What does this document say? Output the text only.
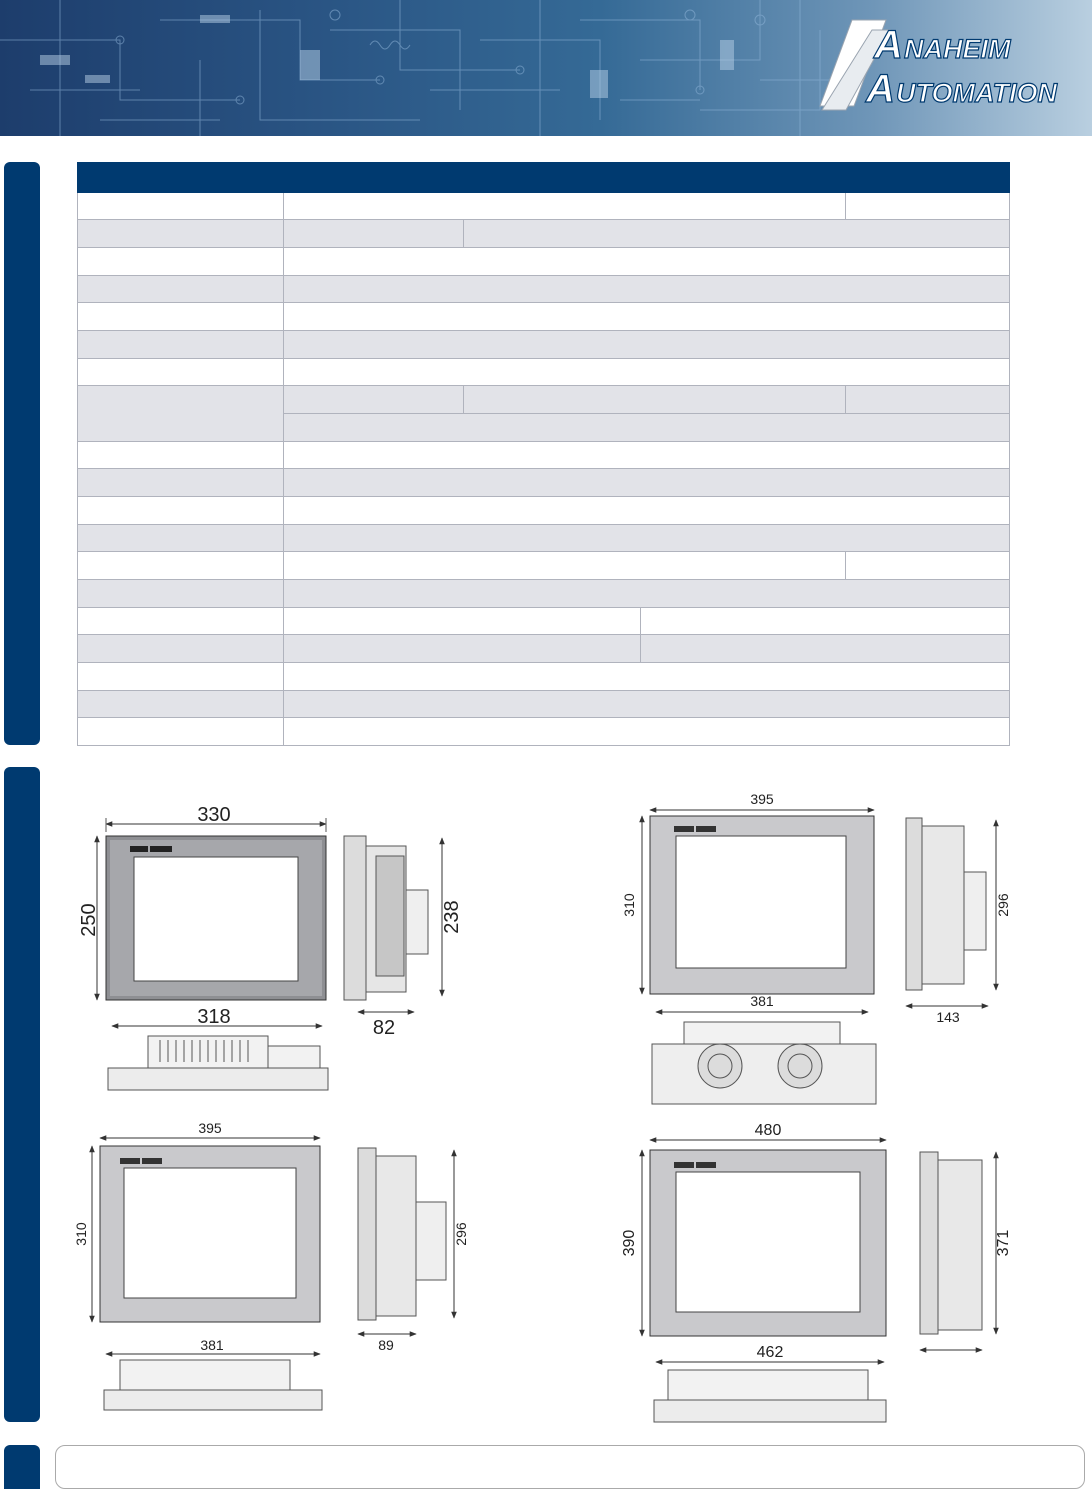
A NAHEIM
A UTOMATION

330
250	238
82
318
395
310	296
143
381
395
310	296
89
381
480
390	371
462
